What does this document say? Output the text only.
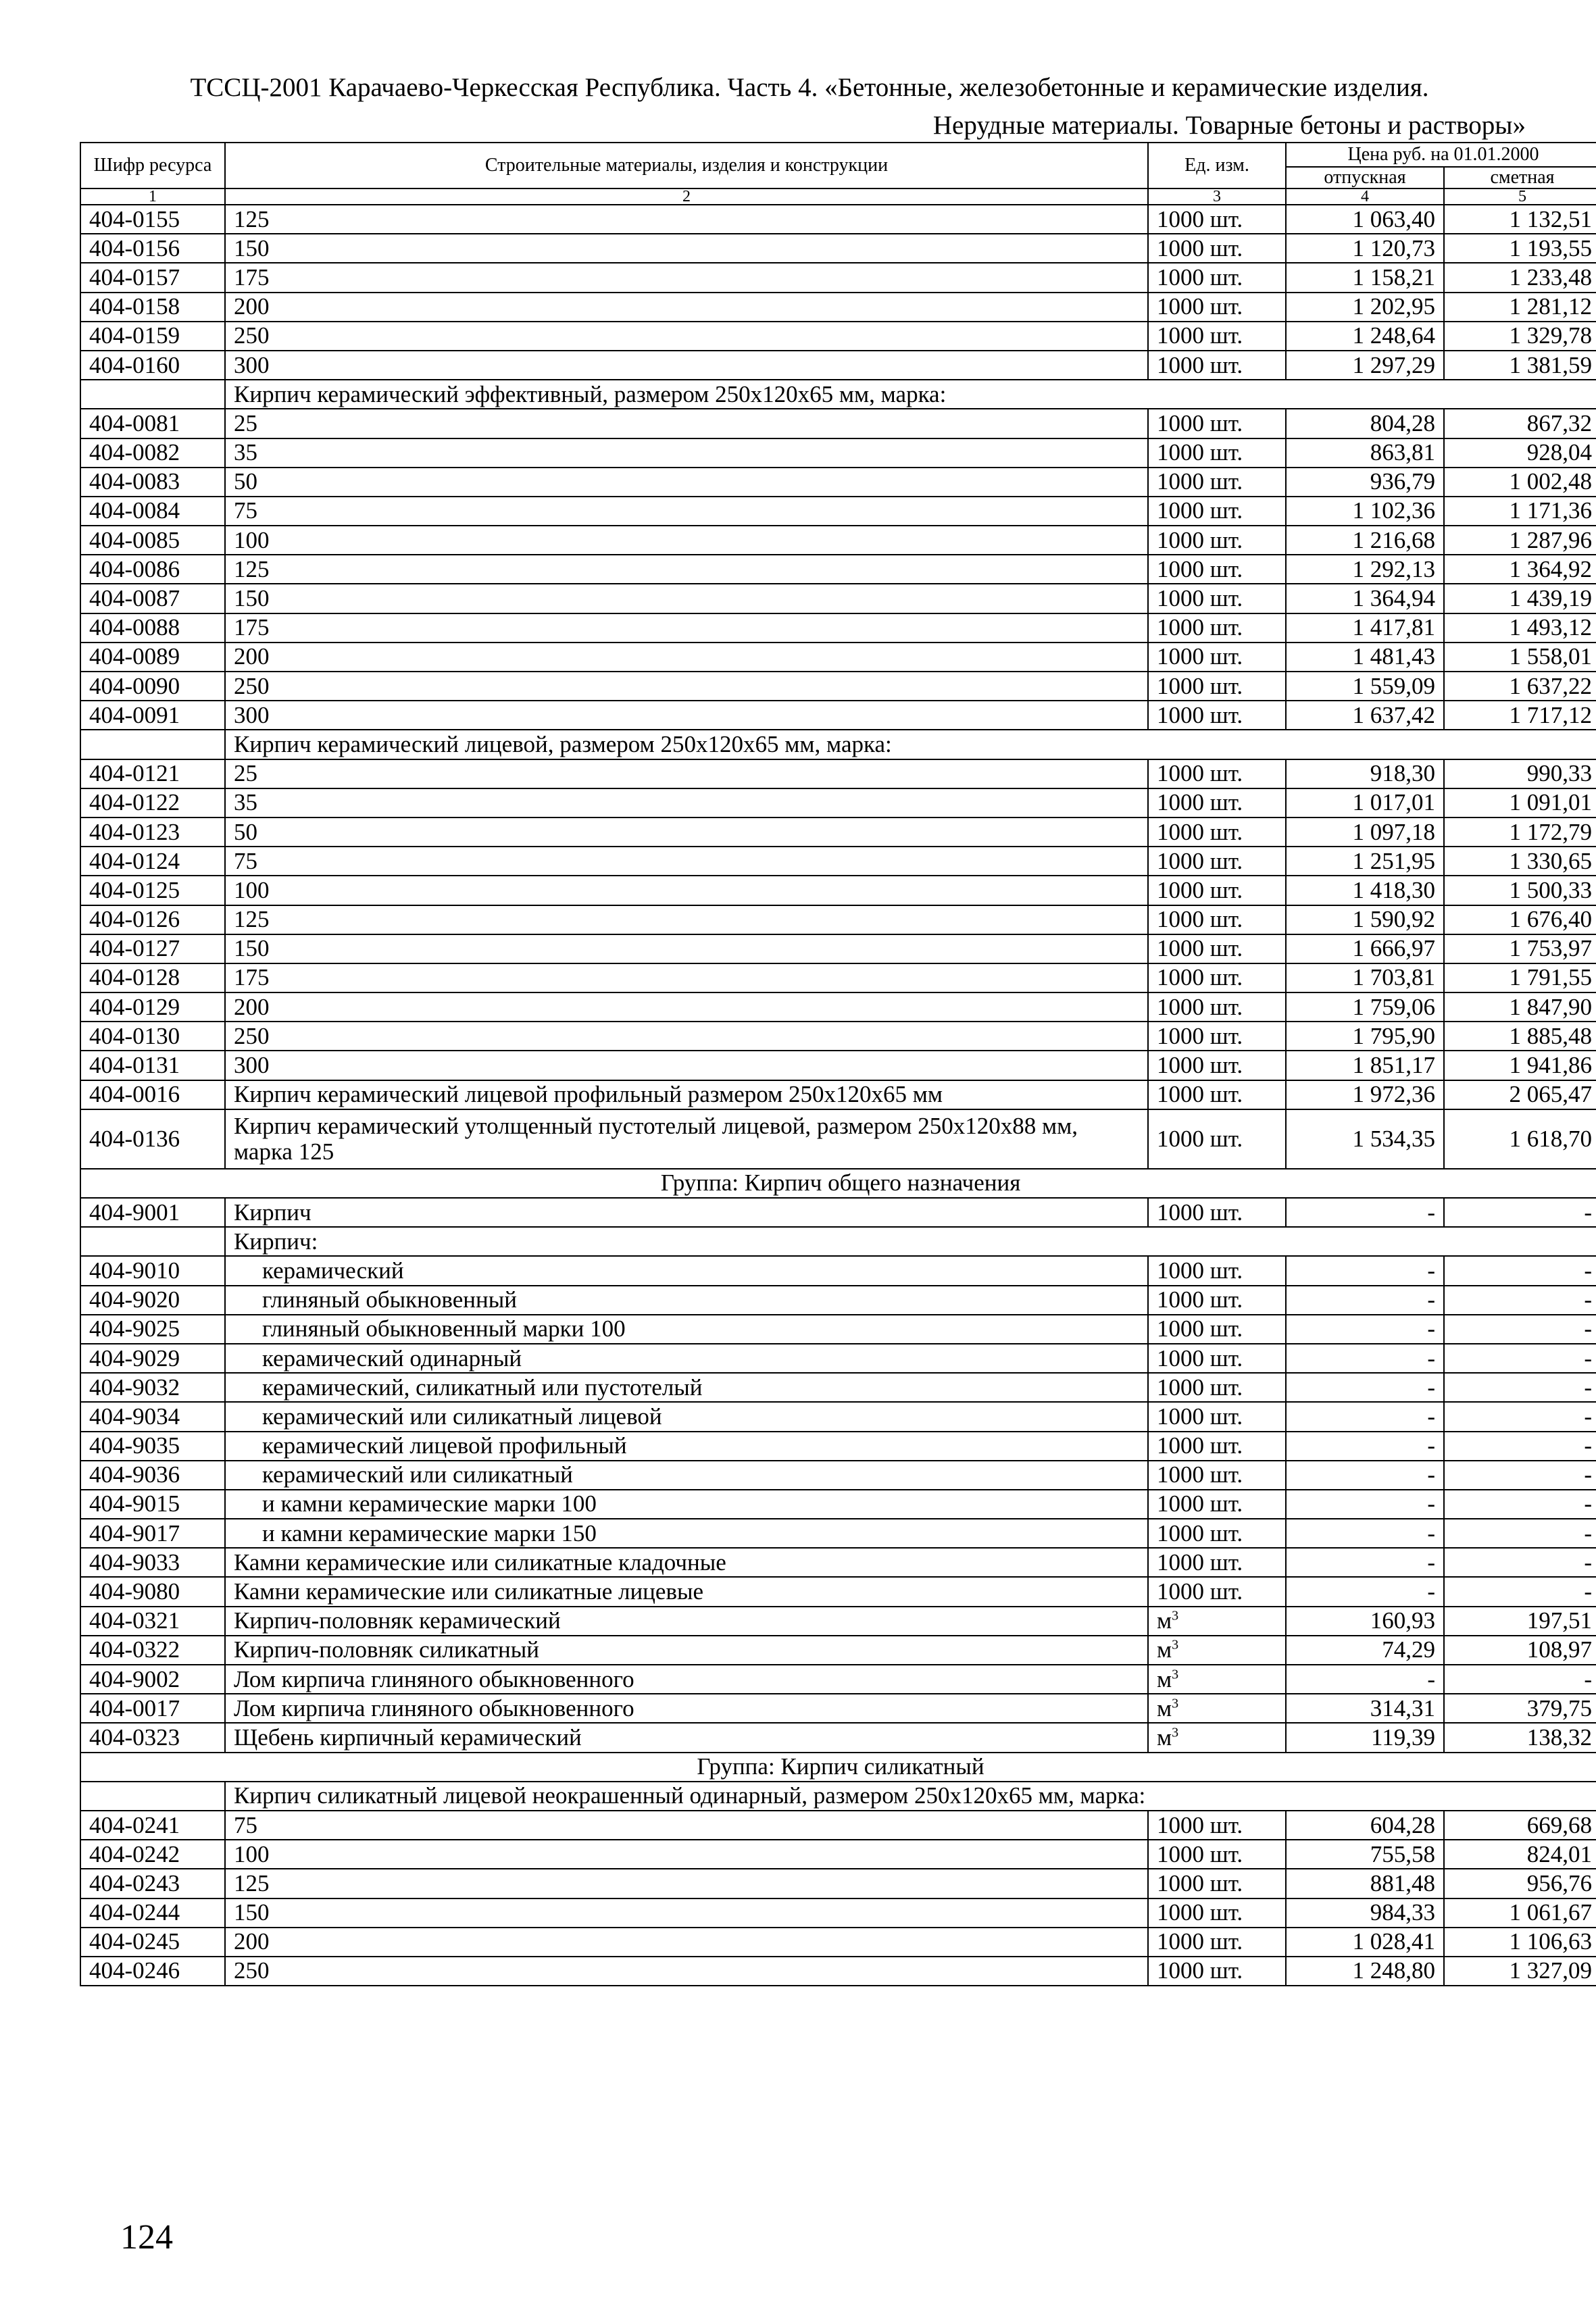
ТССЦ-2001 Карачаево-Черкесская Республика. Часть 4. «Бетонные, железобетонные и керамические изделия.
Нерудные материалы. Товарные бетоны и растворы»
Шифр ресурса	Строительные материалы, изделия и конструкции	Ед. изм.	Цена руб. на 01.01.2000	
			отпускная	сметная
1	2	3	4	5
404-0155	125	1000 шт.	1 063,40	1 132,51
404-0156	150	1000 шт.	1 120,73	1 193,55
404-0157	175	1000 шт.	1 158,21	1 233,48
404-0158	200	1000 шт.	1 202,95	1 281,12
404-0159	250	1000 шт.	1 248,64	1 329,78
404-0160	300	1000 шт.	1 297,29	1 381,59
	Кирпич керамический эффективный, размером 250х120х65 мм, марка:			
404-0081	25	1000 шт.	804,28	867,32
404-0082	35	1000 шт.	863,81	928,04
404-0083	50	1000 шт.	936,79	1 002,48
404-0084	75	1000 шт.	1 102,36	1 171,36
404-0085	100	1000 шт.	1 216,68	1 287,96
404-0086	125	1000 шт.	1 292,13	1 364,92
404-0087	150	1000 шт.	1 364,94	1 439,19
404-0088	175	1000 шт.	1 417,81	1 493,12
404-0089	200	1000 шт.	1 481,43	1 558,01
404-0090	250	1000 шт.	1 559,09	1 637,22
404-0091	300	1000 шт.	1 637,42	1 717,12
	Кирпич керамический лицевой, размером 250х120х65 мм, марка:			
404-0121	25	1000 шт.	918,30	990,33
404-0122	35	1000 шт.	1 017,01	1 091,01
404-0123	50	1000 шт.	1 097,18	1 172,79
404-0124	75	1000 шт.	1 251,95	1 330,65
404-0125	100	1000 шт.	1 418,30	1 500,33
404-0126	125	1000 шт.	1 590,92	1 676,40
404-0127	150	1000 шт.	1 666,97	1 753,97
404-0128	175	1000 шт.	1 703,81	1 791,55
404-0129	200	1000 шт.	1 759,06	1 847,90
404-0130	250	1000 шт.	1 795,90	1 885,48
404-0131	300	1000 шт.	1 851,17	1 941,86
404-0016	Кирпич керамический лицевой профильный размером 250х120х65 мм	1000 шт.	1 972,36	2 065,47
404-0136	Кирпич керамический утолщенный пустотелый лицевой, размером 250х120х88 мм, марка 125	1000 шт.	1 534,35	1 618,70
Группа: Кирпич общего назначения				
404-9001	Кирпич	1000 шт.	-	-
	Кирпич:			
404-9010	керамический	1000 шт.	-	-
404-9020	глиняный обыкновенный	1000 шт.	-	-
404-9025	глиняный обыкновенный марки 100	1000 шт.	-	-
404-9029	керамический одинарный	1000 шт.	-	-
404-9032	керамический, силикатный или пустотелый	1000 шт.	-	-
404-9034	керамический или силикатный лицевой	1000 шт.	-	-
404-9035	керамический лицевой профильный	1000 шт.	-	-
404-9036	керамический или силикатный	1000 шт.	-	-
404-9015	и камни керамические марки 100	1000 шт.	-	-
404-9017	и камни керамические марки 150	1000 шт.	-	-
404-9033	Камни керамические или силикатные кладочные	1000 шт.	-	-
404-9080	Камни керамические или силикатные лицевые	1000 шт.	-	-
404-0321	Кирпич-половняк керамический	$м^3$	160,93	197,51
404-0322	Кирпич-половняк силикатный	$м^3$	74,29	108,97
404-9002	Лом кирпича глиняного обыкновенного	$м^3$	-	-
404-0017	Лом кирпича глиняного обыкновенного	$м^3$	314,31	379,75
404-0323	Щебень кирпичный керамический	$м^3$	119,39	138,32
Группа: Кирпич силикатный				
	Кирпич силикатный лицевой неокрашенный одинарный, размером 250х120х65 мм, марка:			
404-0241	75	1000 шт.	604,28	669,68
404-0242	100	1000 шт.	755,58	824,01
404-0243	125	1000 шт.	881,48	956,76
404-0244	150	1000 шт.	984,33	1 061,67
404-0245	200	1000 шт.	1 028,41	1 106,63
404-0246	250	1000 шт.	1 248,80	1 327,09
124
